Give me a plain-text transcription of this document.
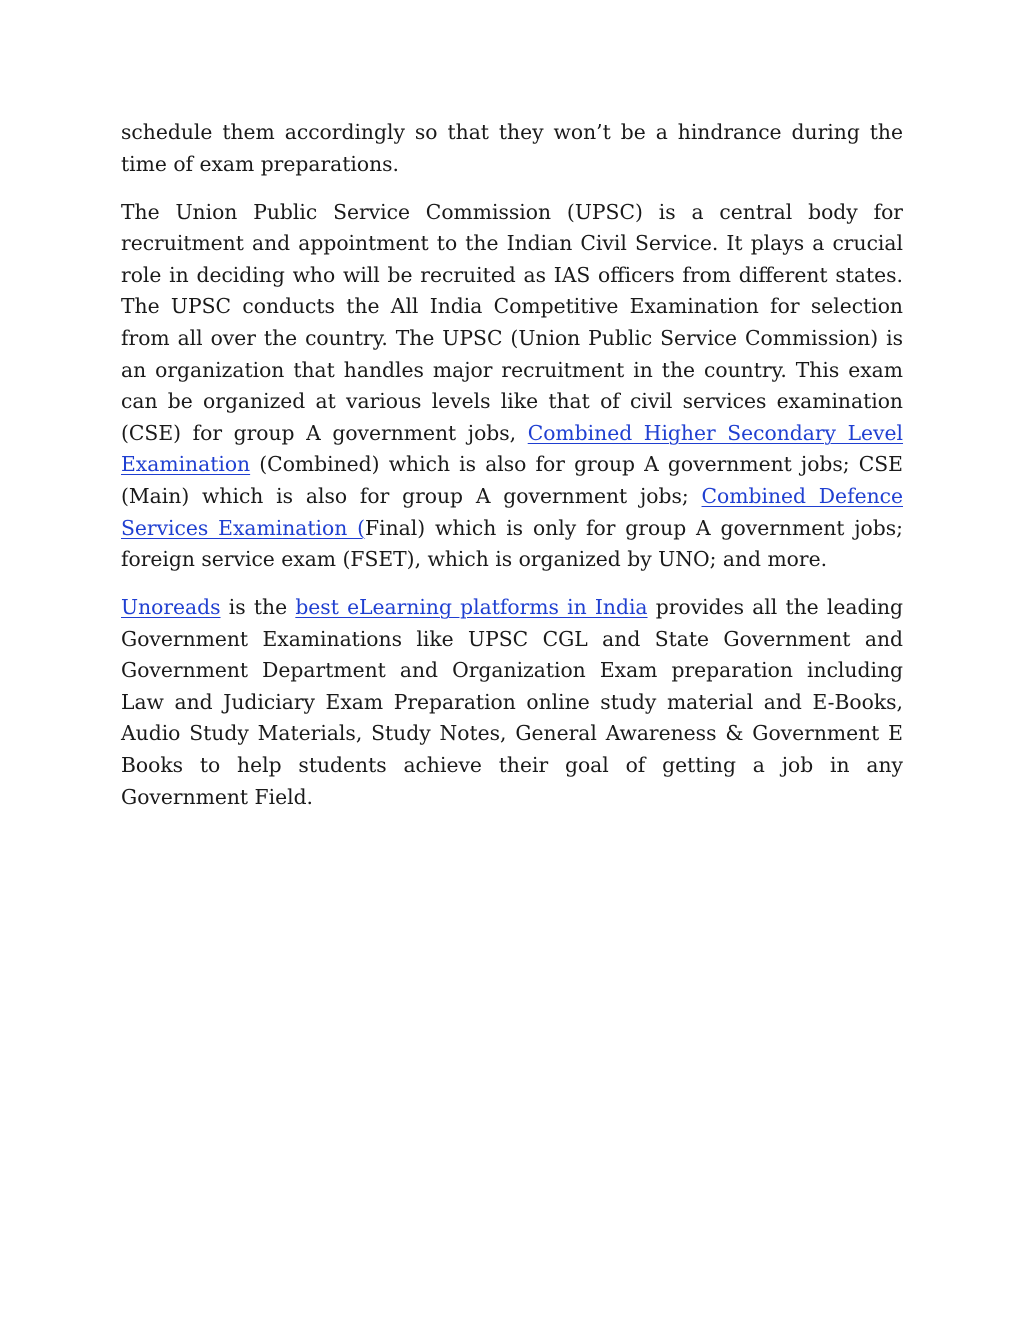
schedule them accordingly so that they won’t be a hindrance during the time of exam preparations.

The Union Public Service Commission (UPSC) is a central body for recruitment and appointment to the Indian Civil Service. It plays a crucial role in deciding who will be recruited as IAS officers from different states. The UPSC conducts the All India Competitive Examination for selection from all over the country. The UPSC (Union Public Service Commission) is an organization that handles major recruitment in the country. This exam can be organized at various levels like that of civil services examination (CSE) for group A government jobs, Combined Higher Secondary Level Examination (Combined) which is also for group A government jobs; CSE (Main) which is also for group A government jobs; Combined Defence Services Examination (Final) which is only for group A government jobs; foreign service exam (FSET), which is organized by UNO; and more.

Unoreads is the best eLearning platforms in India provides all the leading Government Examinations like UPSC CGL and State Government and Government Department and Organization Exam preparation including Law and Judiciary Exam Preparation online study material and E-Books, Audio Study Materials, Study Notes, General Awareness & Government E Books to help students achieve their goal of getting a job in any Government Field.
